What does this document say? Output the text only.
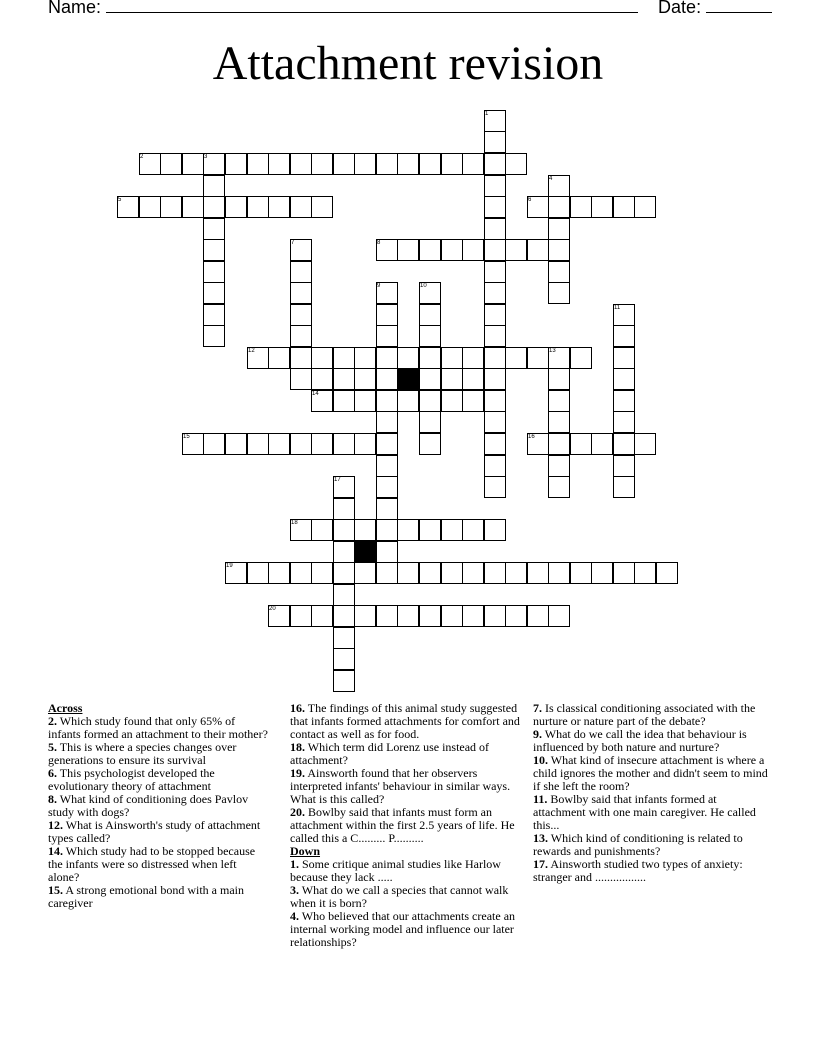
Name:	Date:
Attachment revision
1
2	3
4
5	6
7	8
9	10
11
12	13
14
15	16
17
18
19
20
Across
2. Which study found that only 65% of infants formed an attachment to their mother?
5. This is where a species changes over generations to ensure its survival
6. This psychologist developed the evolutionary theory of attachment
8. What kind of conditioning does Pavlov study with dogs?
12. What is Ainsworth's study of attachment types called?
14. Which study had to be stopped because the infants were so distressed when left alone?
15. A strong emotional bond with a main caregiver
16. The findings of this animal study suggested that infants formed attachments for comfort and contact as well as for food.
18. Which term did Lorenz use instead of attachment?
19. Ainsworth found that her observers interpreted infants' behaviour in similar ways. What is this called?
20. Bowlby said that infants must form an attachment within the first 2.5 years of life. He called this a C......... P..........
Down
1. Some critique animal studies like Harlow because they lack .....
3. What do we call a species that cannot walk when it is born?
4. Who believed that our attachments create an internal working model and influence our later relationships?
7. Is classical conditioning associated with the nurture or nature part of the debate?
9. What do we call the idea that behaviour is influenced by both nature and nurture?
10. What kind of insecure attachment is where a child ignores the mother and didn't seem to mind if she left the room?
11. Bowlby said that infants formed at attachment with one main caregiver. He called this...
13. Which kind of conditioning is related to rewards and punishments?
17. Ainsworth studied two types of anxiety: stranger and .................
